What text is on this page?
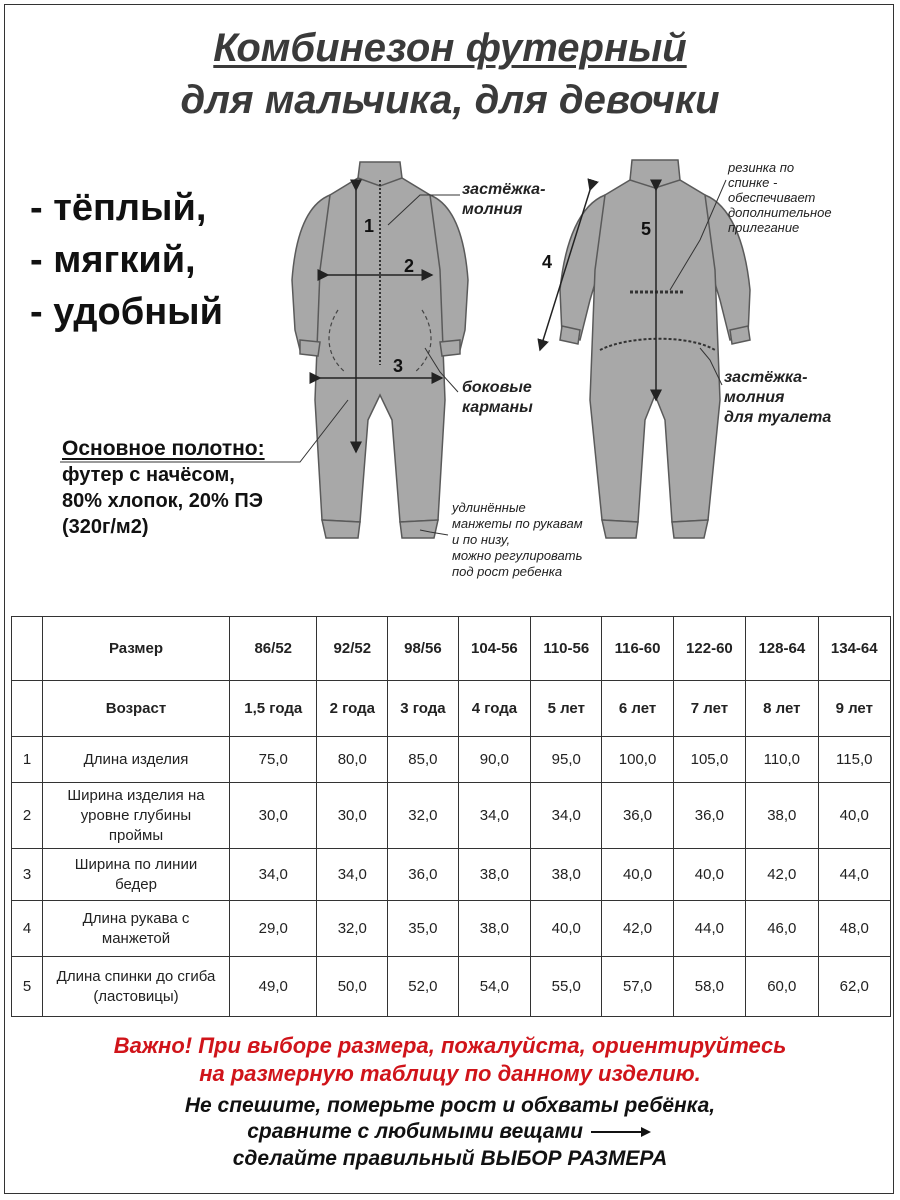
Комбинезон футерный
для мальчика, для девочки
- тёплый,
- мягкий,
- удобный
Основное полотно:
футер с начёсом,
80% хлопок, 20% ПЭ
(320г/м2)
1
2
3
4
5
застёжка-
молния
боковые
карманы
удлинённые
манжеты по рукавам
и по низу,
можно регулировать
под рост ребенка
резинка по
спинке -
обеспечивает
дополнительное
прилегание
застёжка-
молния
для туалета
	Размер	86/52	92/52	98/56	104-56	110-56	116-60	122-60	128-64	134-64
	Возраст	1,5 года	2 года	3 года	4 года	5 лет	6 лет	7 лет	8 лет	9 лет
1	Длина изделия	75,0	80,0	85,0	90,0	95,0	100,0	105,0	110,0	115,0
2	Ширина изделия на
уровне глубины
проймы	30,0	30,0	32,0	34,0	34,0	36,0	36,0	38,0	40,0
3	Ширина по линии
бедер	34,0	34,0	36,0	38,0	38,0	40,0	40,0	42,0	44,0
4	Длина рукава с
манжетой	29,0	32,0	35,0	38,0	40,0	42,0	44,0	46,0	48,0
5	Длина спинки до сгиба
(ластовицы)	49,0	50,0	52,0	54,0	55,0	57,0	58,0	60,0	62,0
Важно! При выборе размера, пожалуйста, ориентируйтесь
на размерную таблицу по данному изделию.
Не спешите, померьте рост и обхваты ребёнка,
сравните с любимыми вещами
сделайте правильный ВЫБОР РАЗМЕРА
